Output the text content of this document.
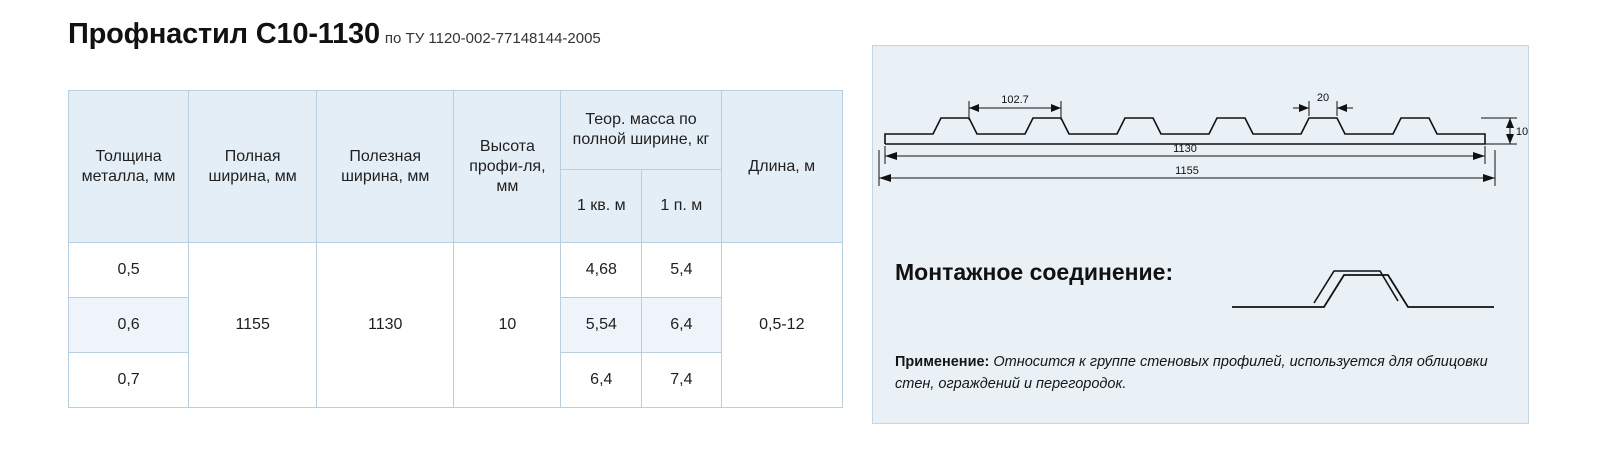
Профнастил С10-1130 по ТУ 1120-002-77148144-2005
Толщина металла, мм	Полная ширина, мм	Полезная ширина, мм	Высота профи-ля, мм	Теор. масса по полной ширине, кг		Длина, м
				1 кв. м	1 п. м	
0,5	1155	1130	10	4,68	5,4	0,5-12
0,6				5,54	6,4	
0,7				6,4	7,4	
102.7	20
1130
1155
10
Монтажное соединение:
Применение: Относится к группе стеновых профилей, используется для облицовки стен, ограждений и перегородок.
